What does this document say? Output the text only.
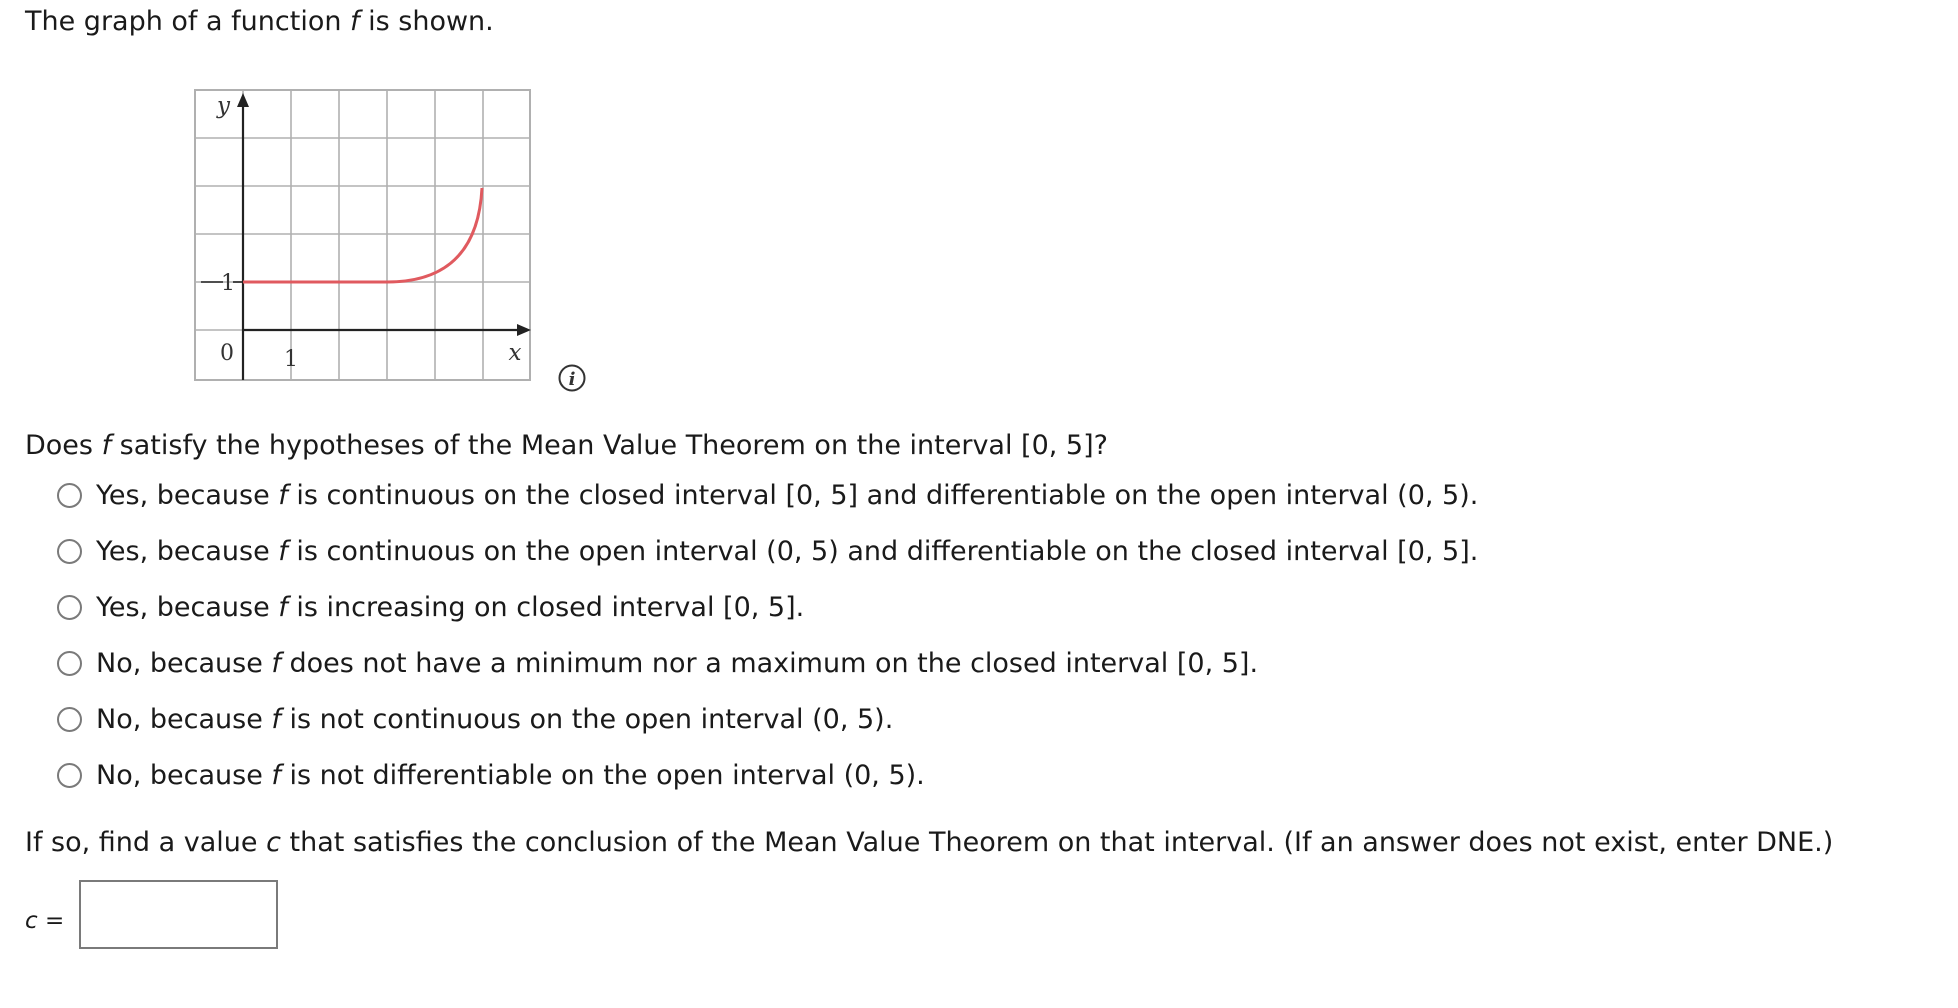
The graph of a function f is shown.
y
1
0 1	x
i
Does f satisfy the hypotheses of the Mean Value Theorem on the interval [0, 5]?
Yes, because f is continuous on the closed interval [0, 5] and differentiable on the open interval (0, 5).
Yes, because f is continuous on the open interval (0, 5) and differentiable on the closed interval [0, 5].
Yes, because f is increasing on closed interval [0, 5].
No, because f does not have a minimum nor a maximum on the closed interval [0, 5].
No, because f is not continuous on the open interval (0, 5).
No, because f is not differentiable on the open interval (0, 5).
If so, find a value c that satisfies the conclusion of the Mean Value Theorem on that interval. (If an answer does not exist, enter DNE.)
c =
